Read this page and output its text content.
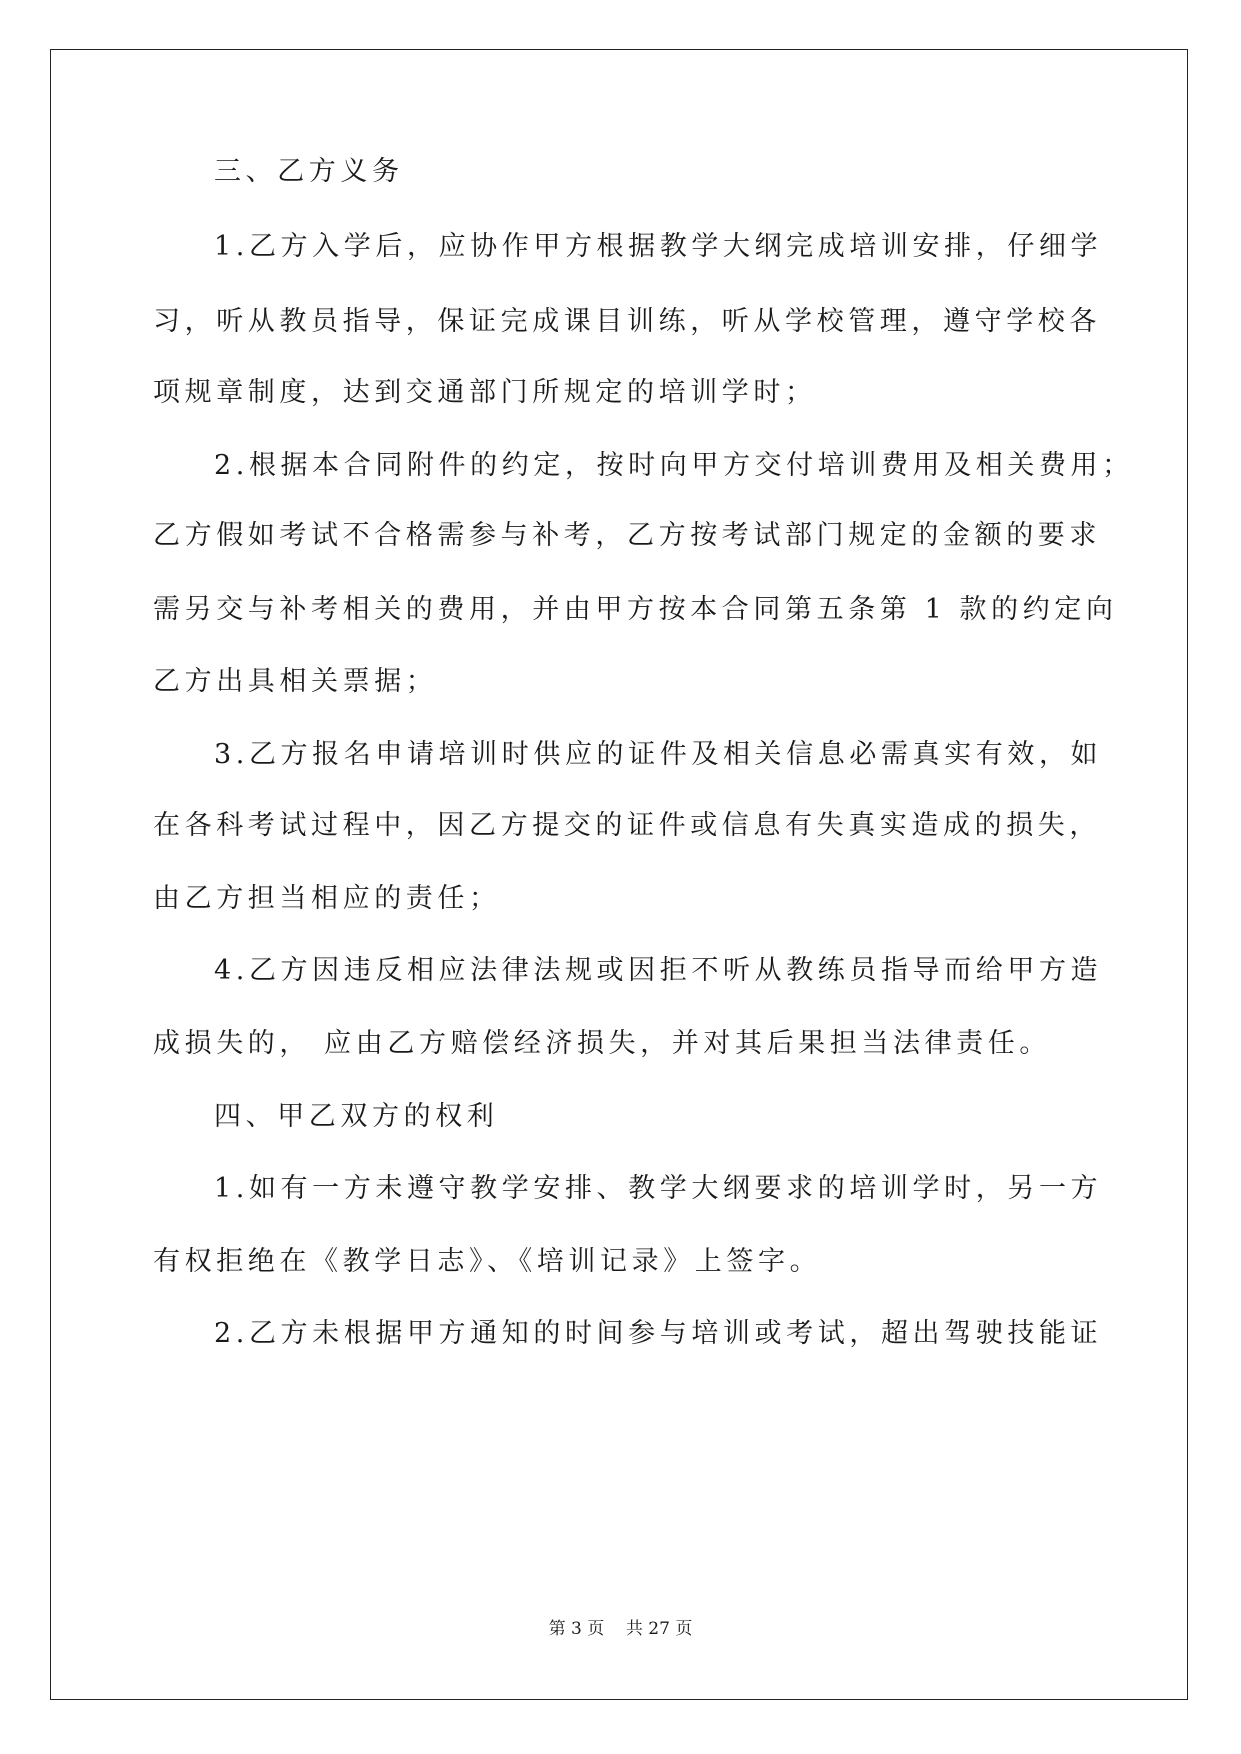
三、乙方义务
1.乙方入学后，应协作甲方根据教学大纲完成培训安排，仔细学
习，听从教员指导，保证完成课目训练，听从学校管理，遵守学校各
项规章制度，达到交通部门所规定的培训学时；
2.根据本合同附件的约定，按时向甲方交付培训费用及相关费用；
乙方假如考试不合格需参与补考，乙方按考试部门规定的金额的要求
需另交与补考相关的费用，并由甲方按本合同第五条第 1 款的约定向
乙方出具相关票据；
3.乙方报名申请培训时供应的证件及相关信息必需真实有效，如
在各科考试过程中，因乙方提交的证件或信息有失真实造成的损失，
由乙方担当相应的责任；
4.乙方因违反相应法律法规或因拒不听从教练员指导而给甲方造
成损失的， 应由乙方赔偿经济损失，并对其后果担当法律责任。
四、甲乙双方的权利
1.如有一方未遵守教学安排、教学大纲要求的培训学时，另一方
有权拒绝在《教学日志》、《培训记录》上签字。
2.乙方未根据甲方通知的时间参与培训或考试，超出驾驶技能证
第 3 页 共 27 页
